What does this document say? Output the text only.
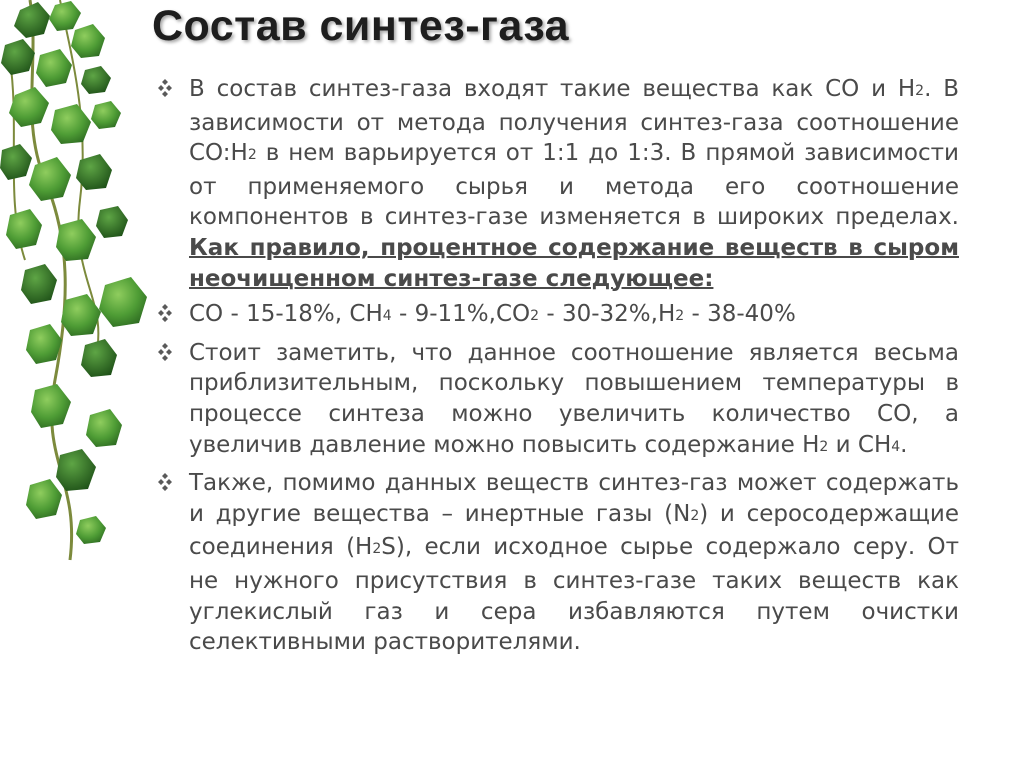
Состав синтез-газа
В состав синтез-газа входят такие вещества как CO и $H_2$. В зависимости от метода получения синтез-газа соотношение $CO:H_2$ в нем варьируется от 1:1 до 1:3. В прямой зависимости от применяемого сырья и метода его соотношение компонентов в синтез-газе изменяется в широких пределах. Как правило, процентное содержание веществ в сыром неочищенном синтез-газе следующее:
CO - 15-18%, $CH_4 - 9-11\%,CO_2 - 30-32\%,H_2 - 38-40\%$
Стоит заметить, что данное соотношение является весьма приблизительным, поскольку повышением температуры в процессе синтеза можно увеличить количество CO, а увеличив давление можно повысить содержание $H_2$ и $CH_4$.
Также, помимо данных веществ синтез-газ может содержать и другие вещества – инертные газы $(N_2)$ и серосодержащие соединения $(H_2S)$, если исходное сырье содержало серу. От не нужного присутствия в синтез-газе таких веществ как углекислый газ и сера избавляются путем очистки селективными растворителями.
